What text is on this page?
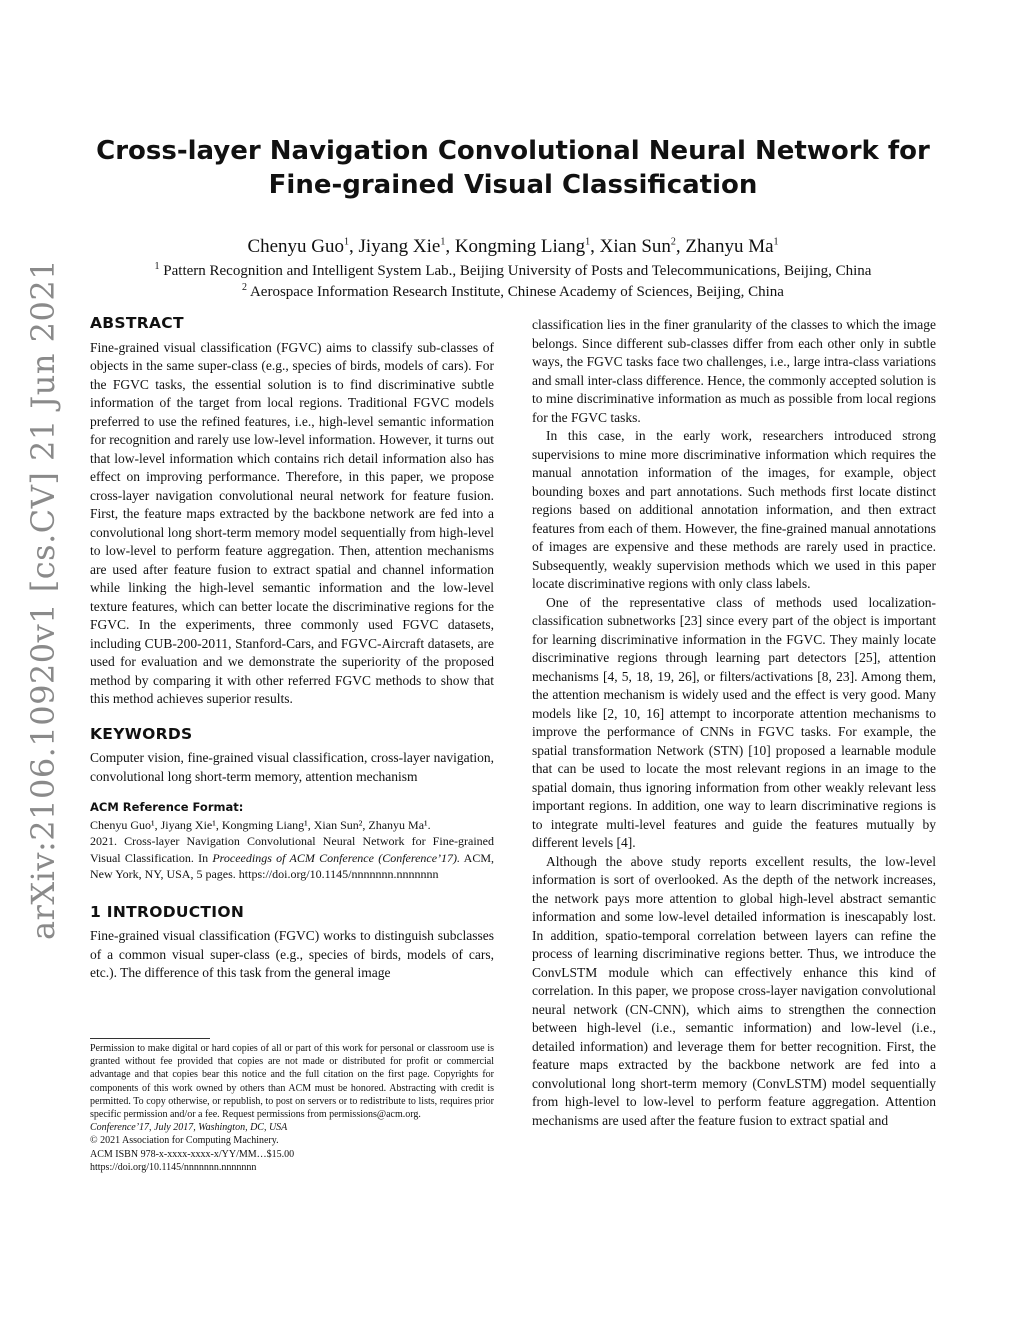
arXiv:2106.10920v1 [cs.CV] 21 Jun 2021
Cross-layer Navigation Convolutional Neural Network for
Fine-grained Visual Classification
Chenyu Guo$^1$, Jiyang Xie$^1$, Kongming Liang$^1$, Xian Sun$^2$, Zhanyu Ma$^1$
$^1$ Pattern Recognition and Intelligent System Lab., Beijing University of Posts and Telecommunications, Beijing, China
$^2$ Aerospace Information Research Institute, Chinese Academy of Sciences, Beijing, China
ABSTRACT

Fine-grained visual classification (FGVC) aims to classify sub-classes of objects in the same super-class (e.g., species of birds, models of cars). For the FGVC tasks, the essential solution is to find discriminative subtle information of the target from local regions. Traditional FGVC models preferred to use the refined features, i.e., high-level semantic information for recognition and rarely use low-level information. However, it turns out that low-level information which contains rich detail information also has effect on improving performance. Therefore, in this paper, we propose cross-layer navigation convolutional neural network for feature fusion. First, the feature maps extracted by the backbone network are fed into a convolutional long short-term memory model sequentially from high-level to low-level to perform feature aggregation. Then, attention mechanisms are used after feature fusion to extract spatial and channel information while linking the high-level semantic information and the low-level texture features, which can better locate the discriminative regions for the FGVC. In the experiments, three commonly used FGVC datasets, including CUB-200-2011, Stanford-Cars, and FGVC-Aircraft datasets, are used for evaluation and we demonstrate the superiority of the proposed method by comparing it with other referred FGVC methods to show that this method achieves superior results.

KEYWORDS

Computer vision, fine-grained visual classification, cross-layer navigation, convolutional long short-term memory, attention mechanism

ACM Reference Format:

Chenyu Guo¹, Jiyang Xie¹, Kongming Liang¹, Xian Sun², Zhanyu Ma¹.

2021. Cross-layer Navigation Convolutional Neural Network for Fine-grained Visual Classification. In Proceedings of ACM Conference (Conference’17). ACM, New York, NY, USA, 5 pages. https://doi.org/10.1145/nnnnnnn.nnnnnnn

1 INTRODUCTION

Fine-grained visual classification (FGVC) works to distinguish subclasses of a common visual super-class (e.g., species of birds, models of cars, etc.). The difference of this task from the general image

Permission to make digital or hard copies of all or part of this work for personal or classroom use is granted without fee provided that copies are not made or distributed for profit or commercial advantage and that copies bear this notice and the full citation on the first page. Copyrights for components of this work owned by others than ACM must be honored. Abstracting with credit is permitted. To copy otherwise, or republish, to post on servers or to redistribute to lists, requires prior specific permission and/or a fee. Request permissions from permissions@acm.org.

Conference’17, July 2017, Washington, DC, USA

© 2021 Association for Computing Machinery.

ACM ISBN 978-x-xxxx-xxxx-x/YY/MM…$15.00

https://doi.org/10.1145/nnnnnnn.nnnnnnn

classification lies in the finer granularity of the classes to which the image belongs. Since different sub-classes differ from each other only in subtle ways, the FGVC tasks face two challenges, i.e., large intra-class variations and small inter-class difference. Hence, the commonly accepted solution is to mine discriminative information as much as possible from local regions for the FGVC tasks.

In this case, in the early work, researchers introduced strong supervisions to mine more discriminative information which requires the manual annotation information of the images, for example, object bounding boxes and part annotations. Such methods first locate distinct regions based on additional annotation information, and then extract features from each of them. However, the fine-grained manual annotations of images are expensive and these methods are rarely used in practice. Subsequently, weakly supervision methods which we used in this paper locate discriminative regions with only class labels.

One of the representative class of methods used localization-classification subnetworks [23] since every part of the object is important for learning discriminative information in the FGVC. They mainly locate discriminative regions through learning part detectors [25], attention mechanisms [4, 5, 18, 19, 26], or filters/activations [8, 23]. Among them, the attention mechanism is widely used and the effect is very good. Many models like [2, 10, 16] attempt to incorporate attention mechanisms to improve the performance of CNNs in FGVC tasks. For example, the spatial transformation Network (STN) [10] proposed a learnable module that can be used to locate the most relevant regions in an image to the spatial domain, thus ignoring information from other weakly relevant less important regions. In addition, one way to learn discriminative regions is to integrate multi-level features and guide the features mutually by different levels [4].

Although the above study reports excellent results, the low-level information is sort of overlooked. As the depth of the network increases, the network pays more attention to global high-level abstract semantic information and some low-level detailed information is inescapably lost. In addition, spatio-temporal correlation between layers can refine the process of learning discriminative regions better. Thus, we introduce the ConvLSTM module which can effectively enhance this kind of correlation. In this paper, we propose cross-layer navigation convolutional neural network (CN-CNN), which aims to strengthen the connection between high-level (i.e., semantic information) and low-level (i.e., detailed information) and leverage them for better recognition. First, the feature maps extracted by the backbone network are fed into a convolutional long short-term memory (ConvLSTM) model sequentially from high-level to low-level to perform feature aggregation. Attention mechanisms are used after the feature fusion to extract spatial and
